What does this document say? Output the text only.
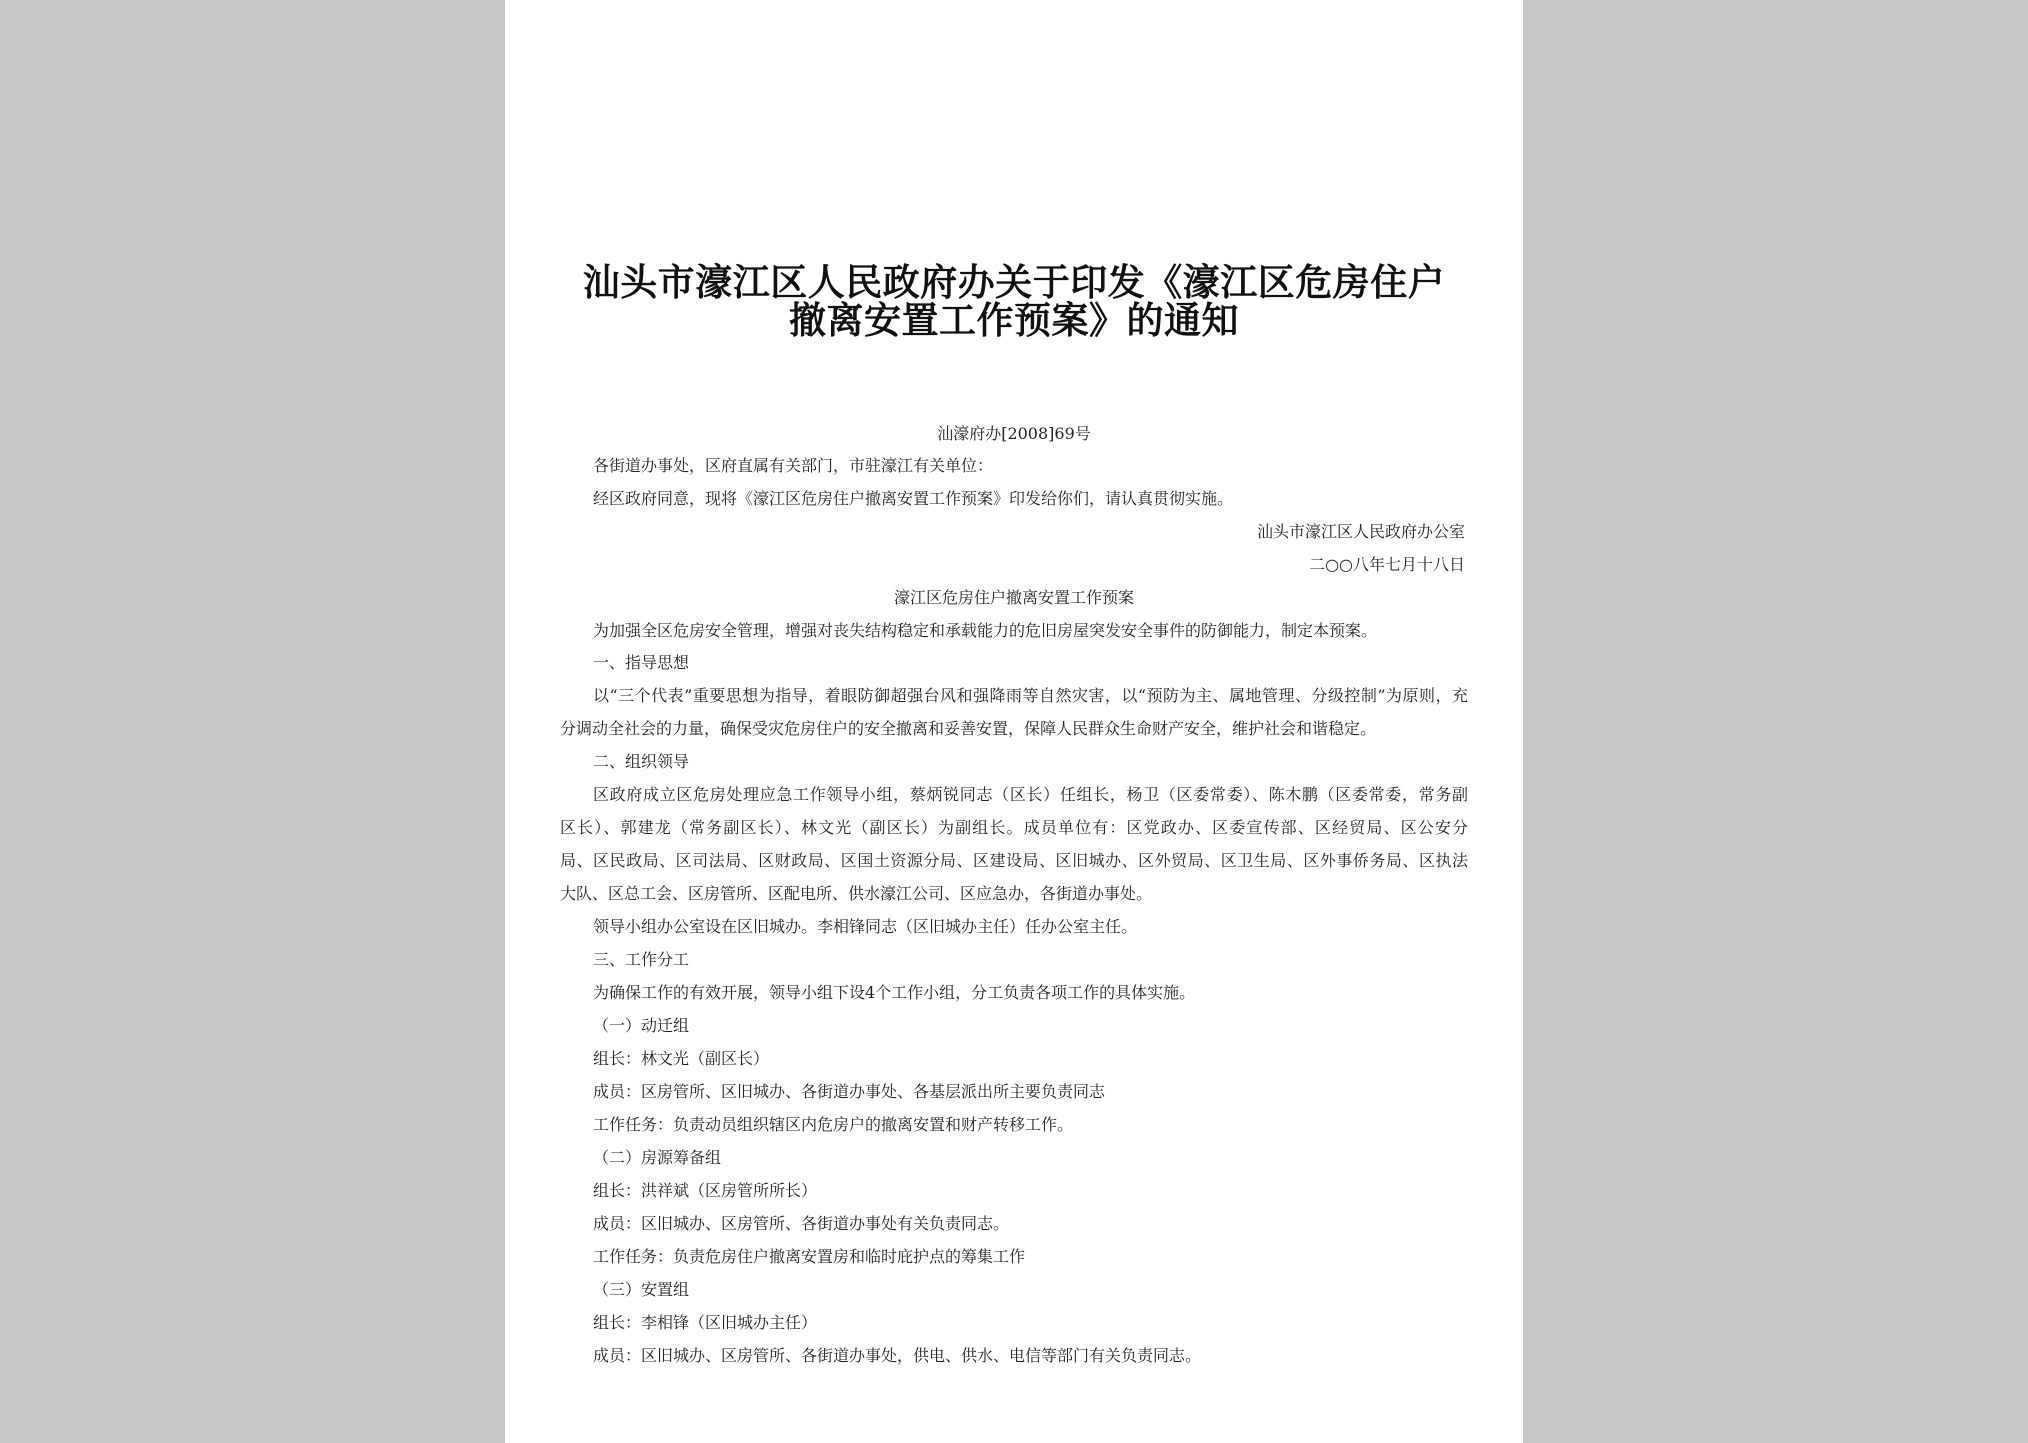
汕头市濠江区人民政府办关于印发《濠江区危房住户
撤离安置工作预案》的通知
汕濠府办[2008]69号
各街道办事处，区府直属有关部门，市驻濠江有关单位：
经区政府同意，现将《濠江区危房住户撤离安置工作预案》印发给你们，请认真贯彻实施。
汕头市濠江区人民政府办公室
二○○八年七月十八日
濠江区危房住户撤离安置工作预案
为加强全区危房安全管理，增强对丧失结构稳定和承载能力的危旧房屋突发安全事件的防御能力，制定本预案。
一、指导思想
以“三个代表”重要思想为指导，着眼防御超强台风和强降雨等自然灾害，以“预防为主、属地管理、分级控制”为原则，充
分调动全社会的力量，确保受灾危房住户的安全撤离和妥善安置，保障人民群众生命财产安全，维护社会和谐稳定。
二、组织领导
区政府成立区危房处理应急工作领导小组，蔡炳锐同志（区长）任组长，杨卫（区委常委）、陈木鹏（区委常委，常务副
区长）、郭建龙（常务副区长）、林文光（副区长）为副组长。成员单位有：区党政办、区委宣传部、区经贸局、区公安分
局、区民政局、区司法局、区财政局、区国土资源分局、区建设局、区旧城办、区外贸局、区卫生局、区外事侨务局、区执法
大队、区总工会、区房管所、区配电所、供水濠江公司、区应急办，各街道办事处。
领导小组办公室设在区旧城办。李相锋同志（区旧城办主任）任办公室主任。
三、工作分工
为确保工作的有效开展，领导小组下设4个工作小组，分工负责各项工作的具体实施。
（一）动迁组
组长：林文光（副区长）
成员：区房管所、区旧城办、各街道办事处、各基层派出所主要负责同志
工作任务：负责动员组织辖区内危房户的撤离安置和财产转移工作。
（二）房源筹备组
组长：洪祥斌（区房管所所长）
成员：区旧城办、区房管所、各街道办事处有关负责同志。
工作任务：负责危房住户撤离安置房和临时庇护点的筹集工作
（三）安置组
组长：李相锋（区旧城办主任）
成员：区旧城办、区房管所、各街道办事处，供电、供水、电信等部门有关负责同志。
